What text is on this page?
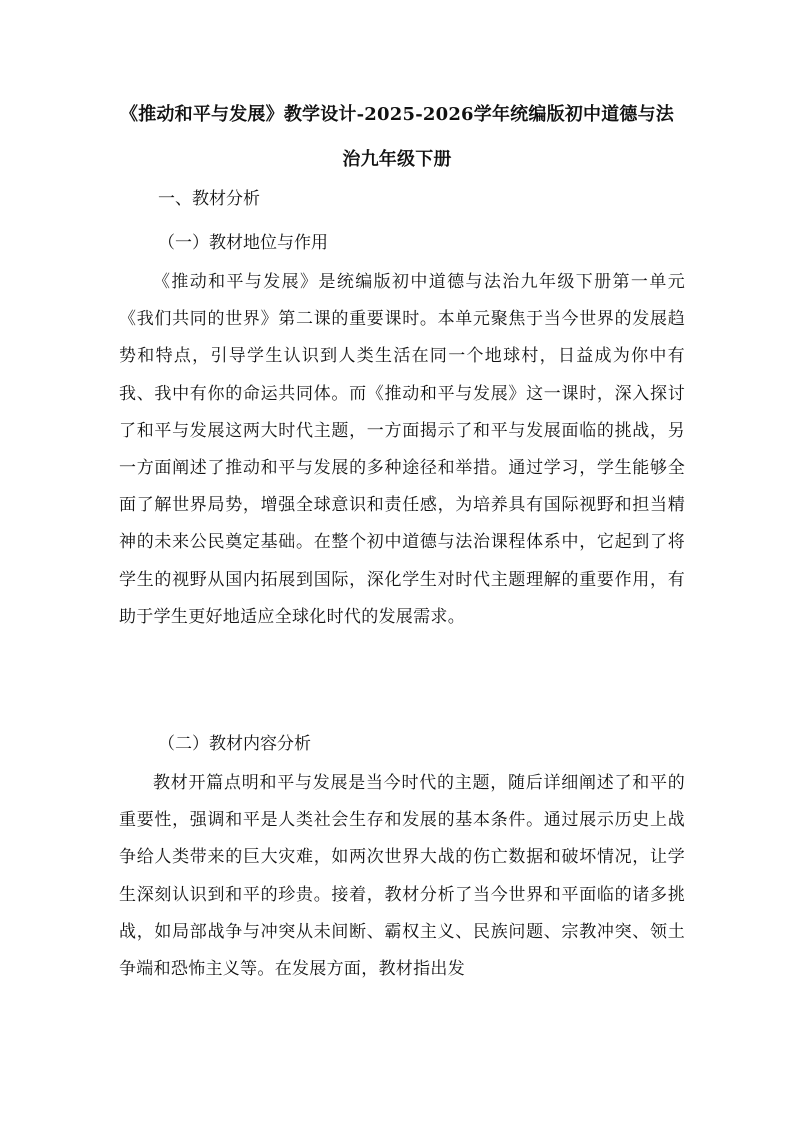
《推动和平与发展》教学设计-2025-2026学年统编版初中道德与法
治九年级下册
一、教材分析
（一）教材地位与作用
《推动和平与发展》是统编版初中道德与法治九年级下册第一单元《我们共同的世界》第二课的重要课时。本单元聚焦于当今世界的发展趋势和特点，引导学生认识到人类生活在同一个地球村，日益成为你中有我、我中有你的命运共同体。而《推动和平与发展》这一课时，深入探讨了和平与发展这两大时代主题，一方面揭示了和平与发展面临的挑战，另一方面阐述了推动和平与发展的多种途径和举措。通过学习，学生能够全面了解世界局势，增强全球意识和责任感，为培养具有国际视野和担当精神的未来公民奠定基础。在整个初中道德与法治课程体系中，它起到了将学生的视野从国内拓展到国际，深化学生对时代主题理解的重要作用，有助于学生更好地适应全球化时代的发展需求。
（二）教材内容分析
教材开篇点明和平与发展是当今时代的主题，随后详细阐述了和平的重要性，强调和平是人类社会生存和发展的基本条件。通过展示历史上战争给人类带来的巨大灾难，如两次世界大战的伤亡数据和破坏情况，让学生深刻认识到和平的珍贵。接着，教材分析了当今世界和平面临的诸多挑战，如局部战争与冲突从未间断、霸权主义、民族问题、宗教冲突、领土争端和恐怖主义等。在发展方面，教材指出发
